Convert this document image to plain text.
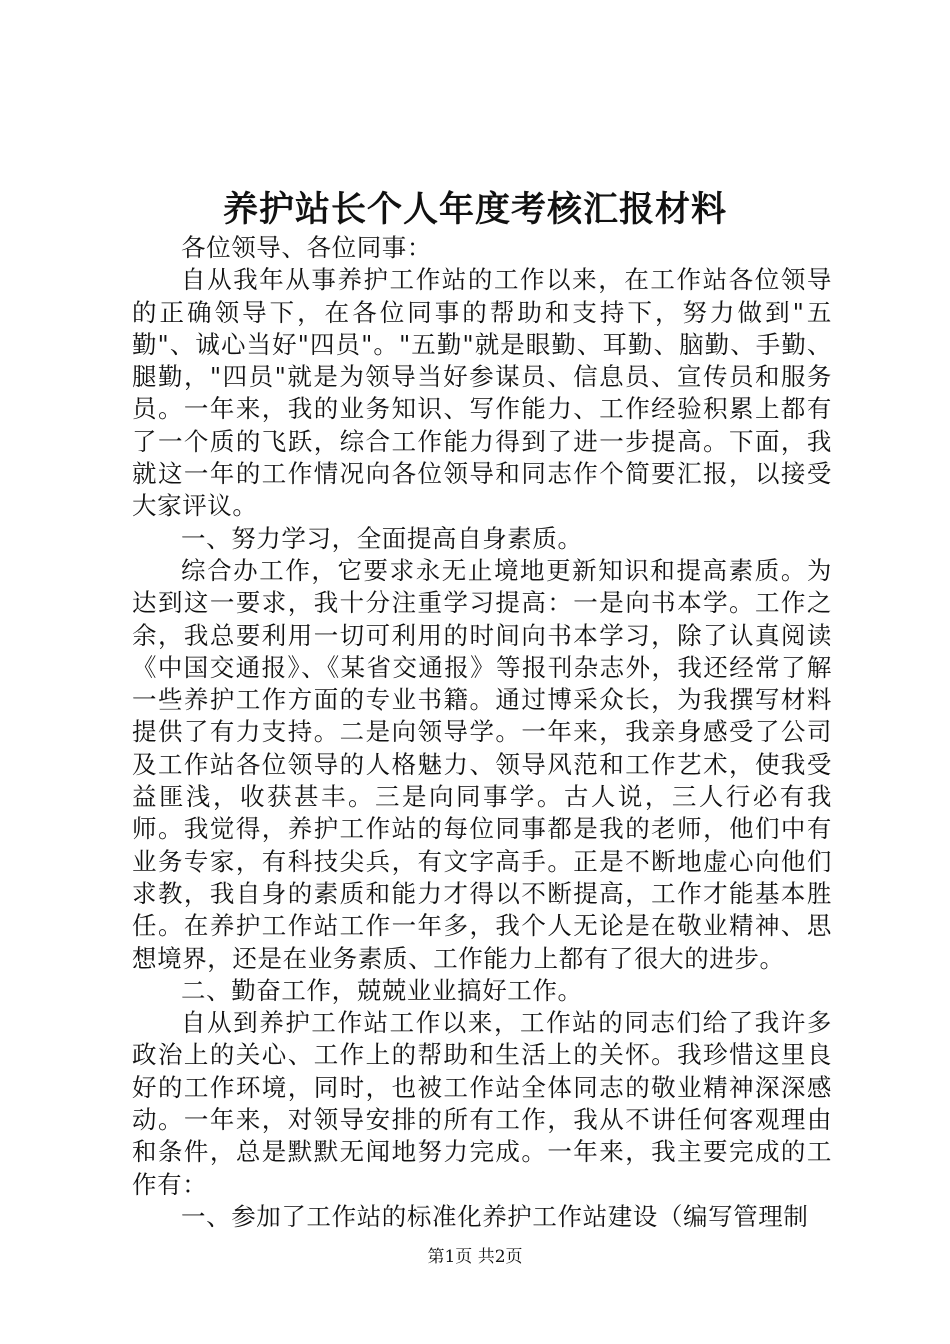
养护站长个人年度考核汇报材料

各位领导、各位同事：

自从我年从事养护工作站的工作以来，在工作站各位领导的正确领导下，在各位同事的帮助和支持下，努力做到"五勤"、诚心当好"四员"。"五勤"就是眼勤、耳勤、脑勤、手勤、腿勤，"四员"就是为领导当好参谋员、信息员、宣传员和服务员。一年来，我的业务知识、写作能力、工作经验积累上都有了一个质的飞跃，综合工作能力得到了进一步提高。下面，我就这一年的工作情况向各位领导和同志作个简要汇报，以接受大家评议。

一、努力学习，全面提高自身素质。

综合办工作，它要求永无止境地更新知识和提高素质。为达到这一要求，我十分注重学习提高：一是向书本学。工作之余，我总要利用一切可利用的时间向书本学习，除了认真阅读《中国交通报》、《某省交通报》等报刊杂志外，我还经常了解一些养护工作方面的专业书籍。通过博采众长，为我撰写材料提供了有力支持。二是向领导学。一年来，我亲身感受了公司及工作站各位领导的人格魅力、领导风范和工作艺术，使我受益匪浅，收获甚丰。三是向同事学。古人说，三人行必有我师。我觉得，养护工作站的每位同事都是我的老师，他们中有业务专家，有科技尖兵，有文字高手。正是不断地虚心向他们求教，我自身的素质和能力才得以不断提高，工作才能基本胜任。在养护工作站工作一年多，我个人无论是在敬业精神、思想境界，还是在业务素质、工作能力上都有了很大的进步。

二、勤奋工作，兢兢业业搞好工作。

自从到养护工作站工作以来，工作站的同志们给了我许多政治上的关心、工作上的帮助和生活上的关怀。我珍惜这里良好的工作环境，同时，也被工作站全体同志的敬业精神深深感动。一年来，对领导安排的所有工作，我从不讲任何客观理由和条件，总是默默无闻地努力完成。一年来，我主要完成的工作有：

一、参加了工作站的标准化养护工作站建设（编写管理制

第1页 共2页
